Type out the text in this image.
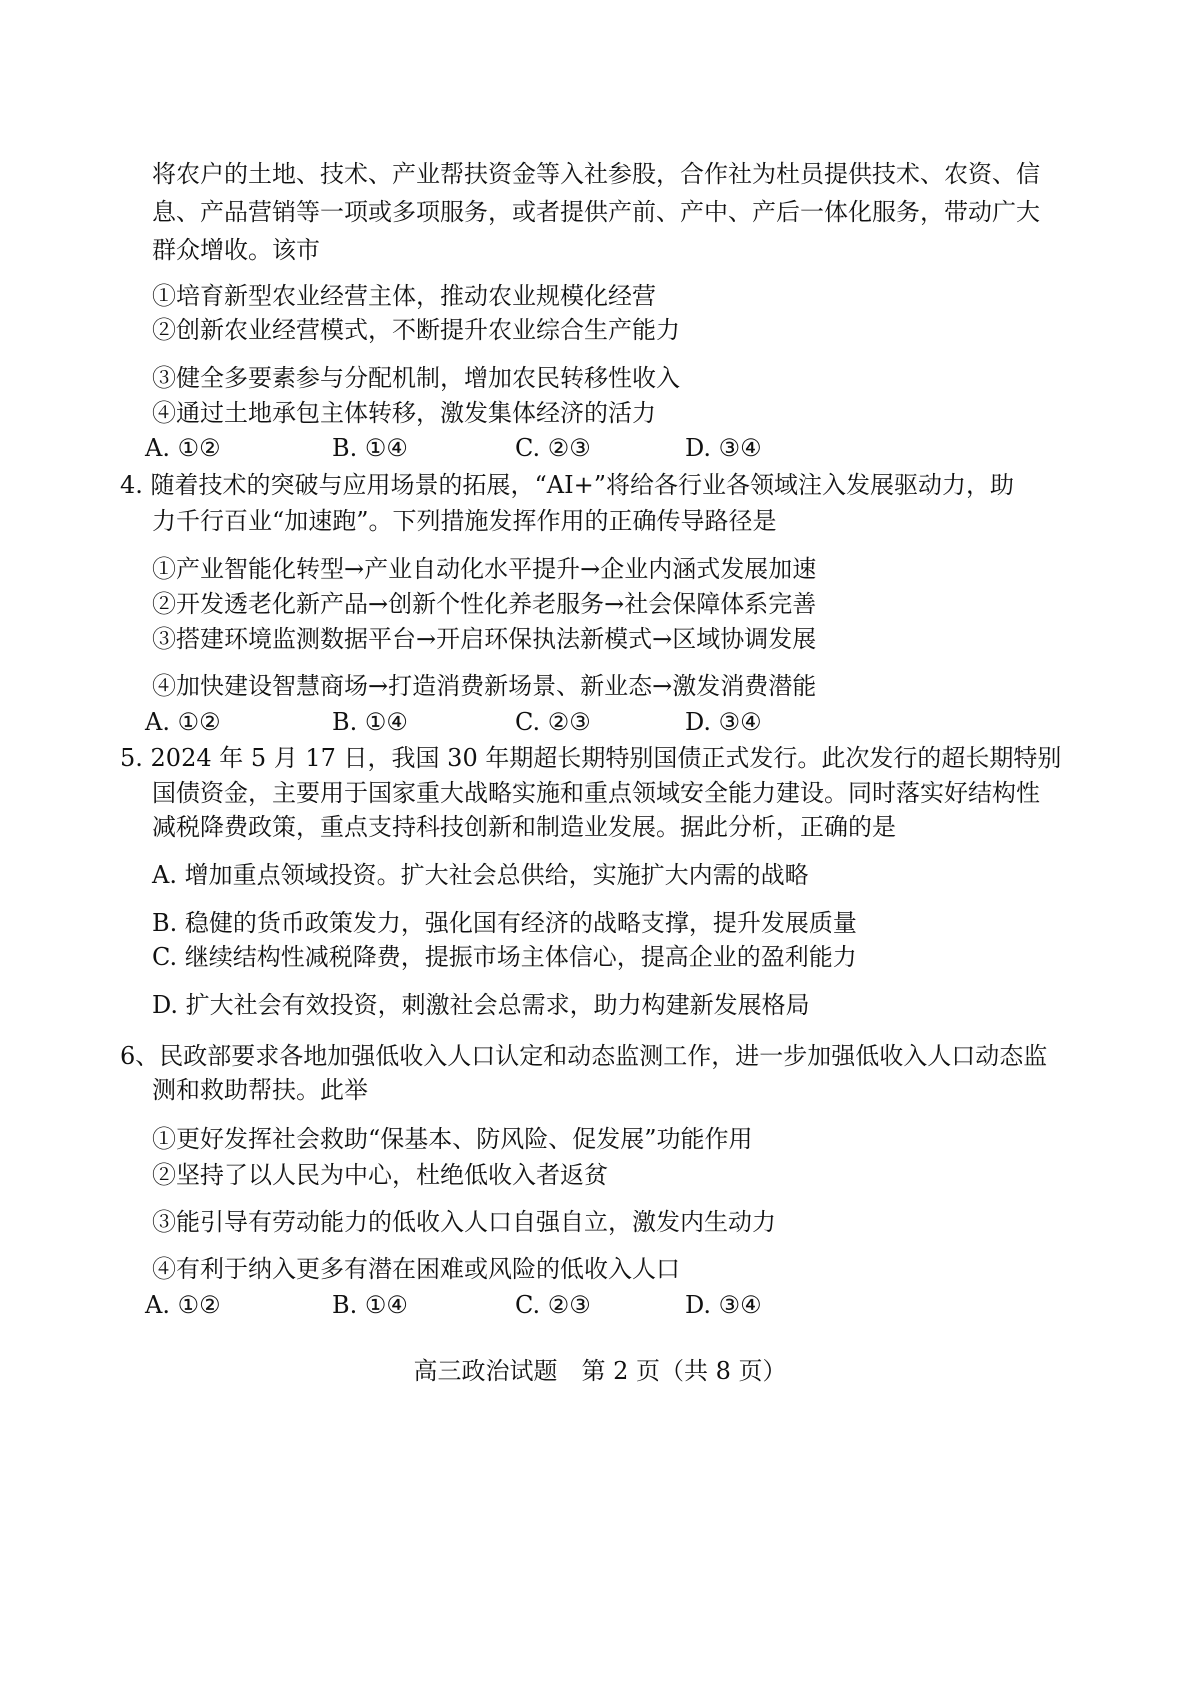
将农户的土地、技术、产业帮扶资金等入社参股，合作社为杜员提供技术、农资、信
息、产品营销等一项或多项服务，或者提供产前、产中、产后一体化服务，带动广大
群众增收。该市
①培育新型农业经营主体，推动农业规模化经营
②创新农业经营模式，不断提升农业综合生产能力
③健全多要素参与分配机制，增加农民转移性收入
④通过土地承包主体转移，激发集体经济的活力
A. ①②	B. ①④	C. ②③	D. ③④
4. 随着技术的突破与应用场景的拓展，“AI+”将给各行业各领域注入发展驱动力，助
力千行百业“加速跑”。下列措施发挥作用的正确传导路径是
①产业智能化转型→产业自动化水平提升→企业内涵式发展加速
②开发透老化新产品→创新个性化养老服务→社会保障体系完善
③搭建环境监测数据平台→开启环保执法新模式→区域协调发展
④加快建设智慧商场→打造消费新场景、新业态→激发消费潜能
A. ①②	B. ①④	C. ②③	D. ③④
5. 2024 年 5 月 17 日，我国 30 年期超长期特别国债正式发行。此次发行的超长期特别
国债资金，主要用于国家重大战略实施和重点领域安全能力建设。同时落实好结构性
减税降费政策，重点支持科技创新和制造业发展。据此分析，正确的是
A. 增加重点领域投资。扩大社会总供给，实施扩大内需的战略
B. 稳健的货币政策发力，强化国有经济的战略支撑，提升发展质量
C. 继续结构性减税降费，提振市场主体信心，提高企业的盈利能力
D. 扩大社会有效投资，刺激社会总需求，助力构建新发展格局
6、民政部要求各地加强低收入人口认定和动态监测工作，进一步加强低收入人口动态监
测和救助帮扶。此举
①更好发挥社会救助“保基本、防风险、促发展”功能作用
②坚持了以人民为中心，杜绝低收入者返贫
③能引导有劳动能力的低收入人口自强自立，激发内生动力
④有利于纳入更多有潜在困难或风险的低收入人口
A. ①②	B. ①④	C. ②③	D. ③④
高三政治试题　第 2 页（共 8 页）
